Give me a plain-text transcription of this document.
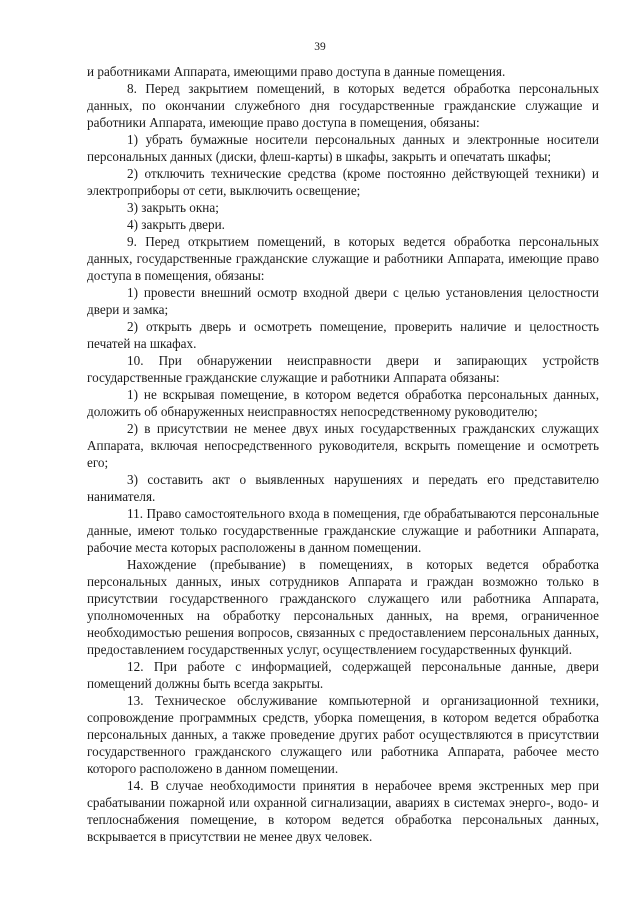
39

и работниками Аппарата, имеющими право доступа в данные помещения.

8. Перед закрытием помещений, в которых ведется обработка персональных данных, по окончании служебного дня государственные гражданские служащие и работники Аппарата, имеющие право доступа в помещения, обязаны:

1) убрать бумажные носители персональных данных и электронные носители персональных данных (диски, флеш-карты) в шкафы, закрыть и опечатать шкафы;

2) отключить технические средства (кроме постоянно действующей техники) и электроприборы от сети, выключить освещение;

3) закрыть окна;

4) закрыть двери.

9. Перед открытием помещений, в которых ведется обработка персональных данных, государственные гражданские служащие и работники Аппарата, имеющие право доступа в помещения, обязаны:

1) провести внешний осмотр входной двери с целью установления целостности двери и замка;

2) открыть дверь и осмотреть помещение, проверить наличие и целостность печатей на шкафах.

10. При обнаружении неисправности двери и запирающих устройств государственные гражданские служащие и работники Аппарата обязаны:

1) не вскрывая помещение, в котором ведется обработка персональных данных, доложить об обнаруженных неисправностях непосредственному руководителю;

2) в присутствии не менее двух иных государственных гражданских служащих Аппарата, включая непосредственного руководителя, вскрыть помещение и осмотреть его;

3) составить акт о выявленных нарушениях и передать его представителю нанимателя.

11. Право самостоятельного входа в помещения, где обрабатываются персональные данные, имеют только государственные гражданские служащие и работники Аппарата, рабочие места которых расположены в данном помещении.

Нахождение (пребывание) в помещениях, в которых ведется обработка персональных данных, иных сотрудников Аппарата и граждан возможно только в присутствии государственного гражданского служащего или работника Аппарата, уполномоченных на обработку персональных данных, на время, ограниченное необходимостью решения вопросов, связанных с предоставлением персональных данных, предоставлением государственных услуг, осуществлением государственных функций.

12. При работе с информацией, содержащей персональные данные, двери помещений должны быть всегда закрыты.

13. Техническое обслуживание компьютерной и организационной техники, сопровождение программных средств, уборка помещения, в котором ведется обработка персональных данных, а также проведение других работ осуществляются в присутствии государственного гражданского служащего или работника Аппарата, рабочее место которого расположено в данном помещении.

14. В случае необходимости принятия в нерабочее время экстренных мер при срабатывании пожарной или охранной сигнализации, авариях в системах энерго-, водо- и теплоснабжения помещение, в котором ведется обработка персональных данных, вскрывается в присутствии не менее двух человек.
